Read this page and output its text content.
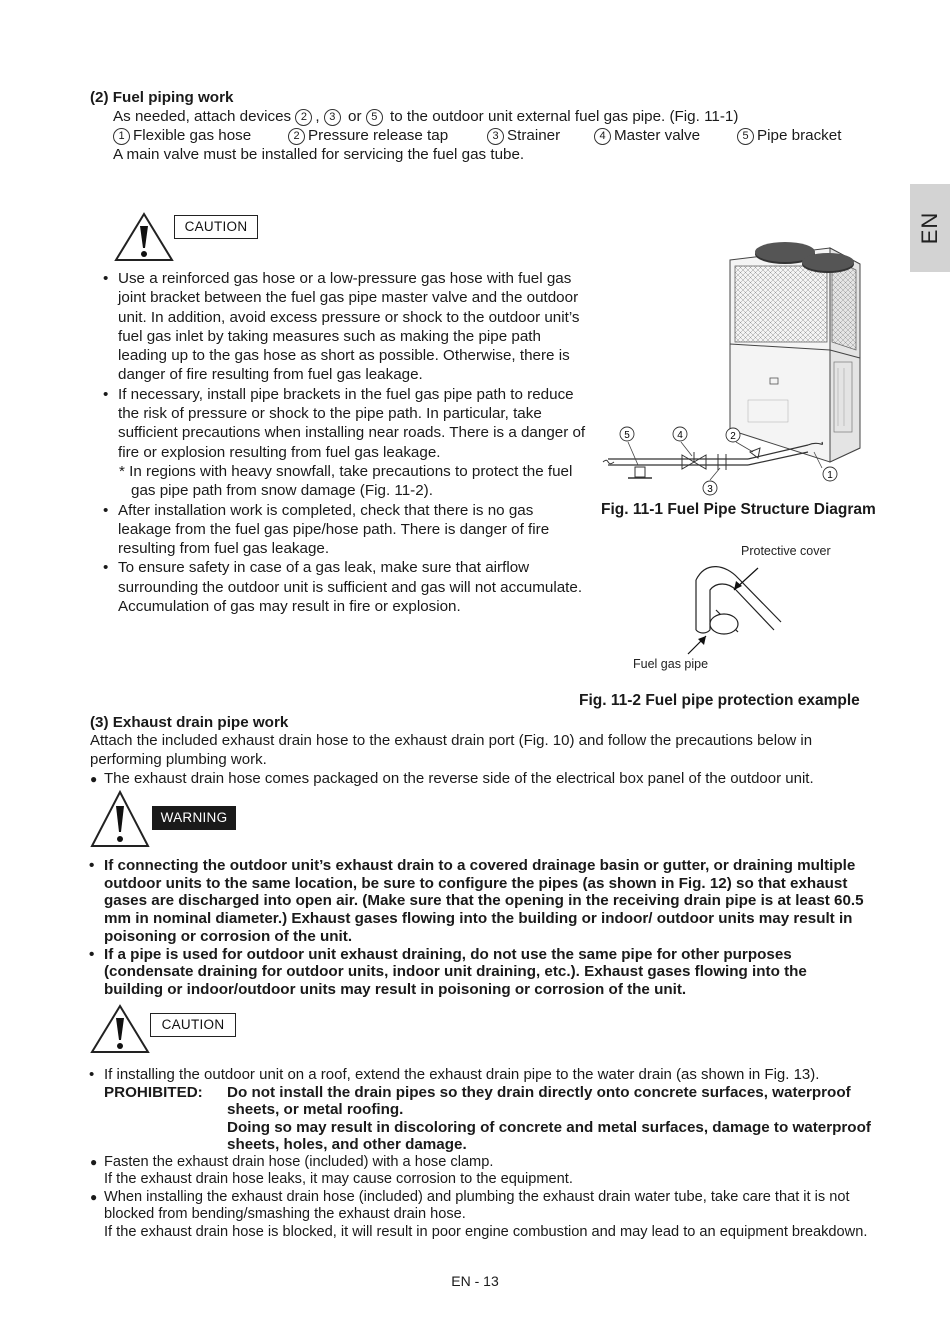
EN
(2) Fuel piping work
As needed, attach devices 2 , 3 or 5 to the outdoor unit external fuel gas pipe. (Fig. 11-1)
1 Flexible gas hose	2 Pressure release tap	3 Strainer	4 Master valve	5 Pipe bracket
A main valve must be installed for servicing the fuel gas tube.
CAUTION
• Use a reinforced gas hose or a low-pressure gas hose with fuel gas joint bracket between the fuel gas pipe master valve and the outdoor unit. In addition, avoid excess pressure or shock to the outdoor unit’s fuel gas inlet by taking measures such as making the pipe path leading up to the gas hose as short as possible. Otherwise, there is danger of fire resulting from fuel gas leakage.
• If necessary, install pipe brackets in the fuel gas pipe path to reduce the risk of pressure or shock to the pipe path. In particular, take sufficient precautions when installing near roads. There is a danger of fire or explosion resulting from fuel gas leakage.
* In regions with heavy snowfall, take precautions to protect the fuel gas pipe path from snow damage (Fig. 11-2).
• After installation work is completed, check that there is no gas leakage from the fuel gas pipe/hose path. There is danger of fire resulting from fuel gas leakage.
• To ensure safety in case of a gas leak, make sure that airflow surrounding the outdoor unit is sufficient and gas will not accumulate.
Accumulation of gas may result in fire or explosion.
5	4	2
1
3
Fig. 11-1 Fuel Pipe Structure Diagram
Protective cover
Fuel gas pipe
Fig. 11-2 Fuel pipe protection example
(3) Exhaust drain pipe work
Attach the included exhaust drain hose to the exhaust drain port (Fig. 10) and follow the precautions below in performing plumbing work.
● The exhaust drain hose comes packaged on the reverse side of the electrical box panel of the outdoor unit.
WARNING
• If connecting the outdoor unit’s exhaust drain to a covered drainage basin or gutter, or draining multiple outdoor units to the same location, be sure to configure the pipes (as shown in Fig. 12) so that exhaust gases are discharged into open air. (Make sure that the opening in the receiving drain pipe is at least 60.5 mm in nominal diameter.) Exhaust gases flowing into the building or indoor/ outdoor units may result in poisoning or corrosion of the unit.
• If a pipe is used for outdoor unit exhaust draining, do not use the same pipe for other purposes (condensate draining for outdoor units, indoor unit draining, etc.). Exhaust gases flowing into the building or indoor/outdoor units may result in poisoning or corrosion of the unit.
CAUTION
• If installing the outdoor unit on a roof, extend the exhaust drain pipe to the water drain (as shown in Fig. 13).
PROHIBITED:	Do not install the drain pipes so they drain directly onto concrete surfaces, waterproof sheets, or metal roofing.
Doing so may result in discoloring of concrete and metal surfaces, damage to waterproof sheets, holes, and other damage.
● Fasten the exhaust drain hose (included) with a hose clamp.
If the exhaust drain hose leaks, it may cause corrosion to the equipment.
● When installing the exhaust drain hose (included) and plumbing the exhaust drain water tube, take care that it is not blocked from bending/smashing the exhaust drain hose.
If the exhaust drain hose is blocked, it will result in poor engine combustion and may lead to an equipment breakdown.
EN - 13
